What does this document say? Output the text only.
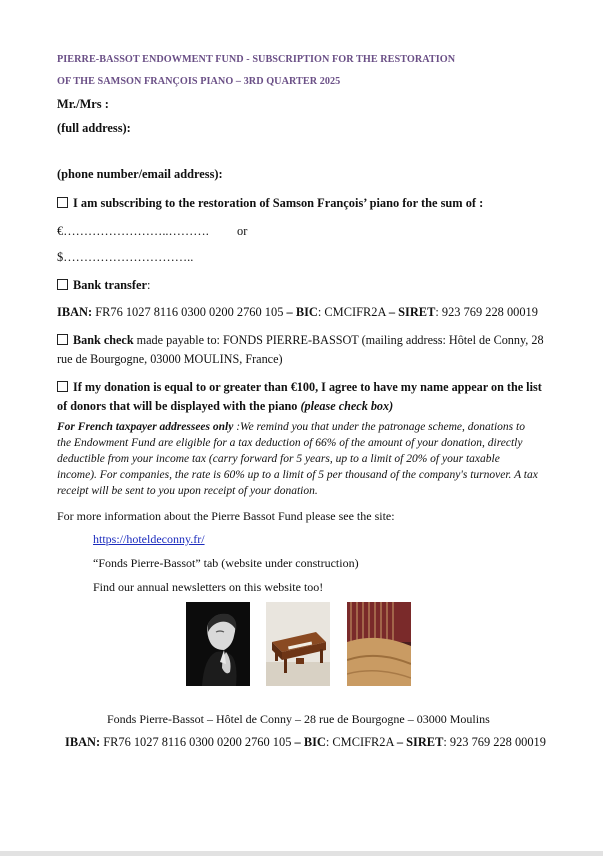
PIERRE-BASSOT ENDOWMENT FUND - SUBSCRIPTION FOR THE RESTORATION
OF THE SAMSON FRANÇOIS PIANO – 3RD QUARTER 2025
Mr./Mrs :
(full address):
(phone number/email address):
I am subscribing to the restoration of Samson François’ piano for the sum of :
€……………………..………. or
$…………………………..
Bank transfer:
IBAN: FR76 1027 8116 0300 0200 2760 105 – BIC: CMCIFR2A – SIRET: 923 769 228 00019
Bank check made payable to: FONDS PIERRE-BASSOT (mailing address: Hôtel de Conny, 28 rue de Bourgogne, 03000 MOULINS, France)
If my donation is equal to or greater than €100, I agree to have my name appear on the list of donors that will be displayed with the piano (please check box)
For French taxpayer addressees only :We remind you that under the patronage scheme, donations to the Endowment Fund are eligible for a tax deduction of 66% of the amount of your donation, directly deductible from your income tax (carry forward for 5 years, up to a limit of 20% of your taxable income). For companies, the rate is 60% up to a limit of 5 per thousand of the company's turnover. A tax receipt will be sent to you upon receipt of your donation.
For more information about the Pierre Bassot Fund please see the site:
https://hoteldeconny.fr/
“Fonds Pierre-Bassot” tab (website under construction)
Find our annual newsletters on this website too!
Fonds Pierre-Bassot – Hôtel de Conny – 28 rue de Bourgogne – 03000 Moulins
IBAN: FR76 1027 8116 0300 0200 2760 105 – BIC: CMCIFR2A – SIRET: 923 769 228 00019
